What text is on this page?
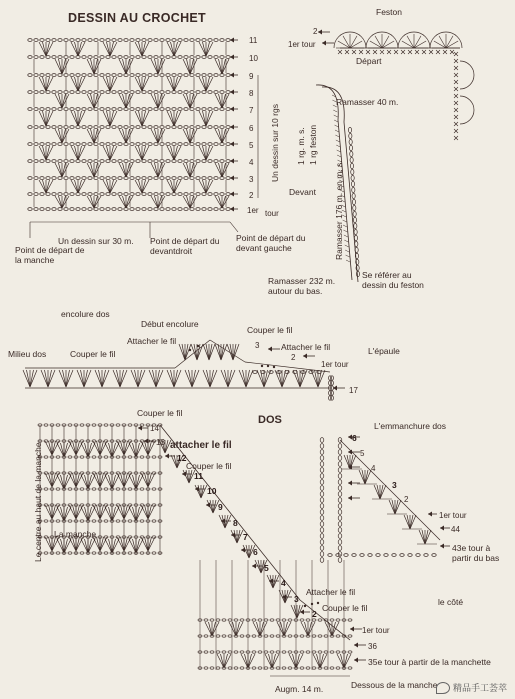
DESSIN AU CROCHET
11
10
9
8
7
6
5
4
3
2
1er tour
Un dessin sur 10 rgs
Un dessin sur 30 m.
Point de départ de la manche
Point de départ du devantdroit
Point de départ du devant gauche
Feston
2
1er tour
Départ
Ramasser 40 m.
1 rg. m. s. 1 rg feston
Devant Ramasser 176 m. en m. s.
Ramasser 232 m. autour du bas.
Se référer au dessin du feston
encolure dos
Début encolure
Couper le fil
Attacher le fil
Attacher le fil
Milieu dos	Couper le fil	L'épaule
3
2
1er tour
17
DOS	L'emmanchure dos
6
5
4
3
2
1er tour
44
43e tour à partir du bas
Couper le fil
14
13 attacher le fil
12
Couper le fil
11
10
9
8
7
6
5
4
Attacher le fil
3
Couper le fil
2
1er tour
36
35e tour à partir de la manchette
Le centre au haut de la manche La manche
le côté
Augm. 14 m.	Dessous de la manche 精品手工荟萃
